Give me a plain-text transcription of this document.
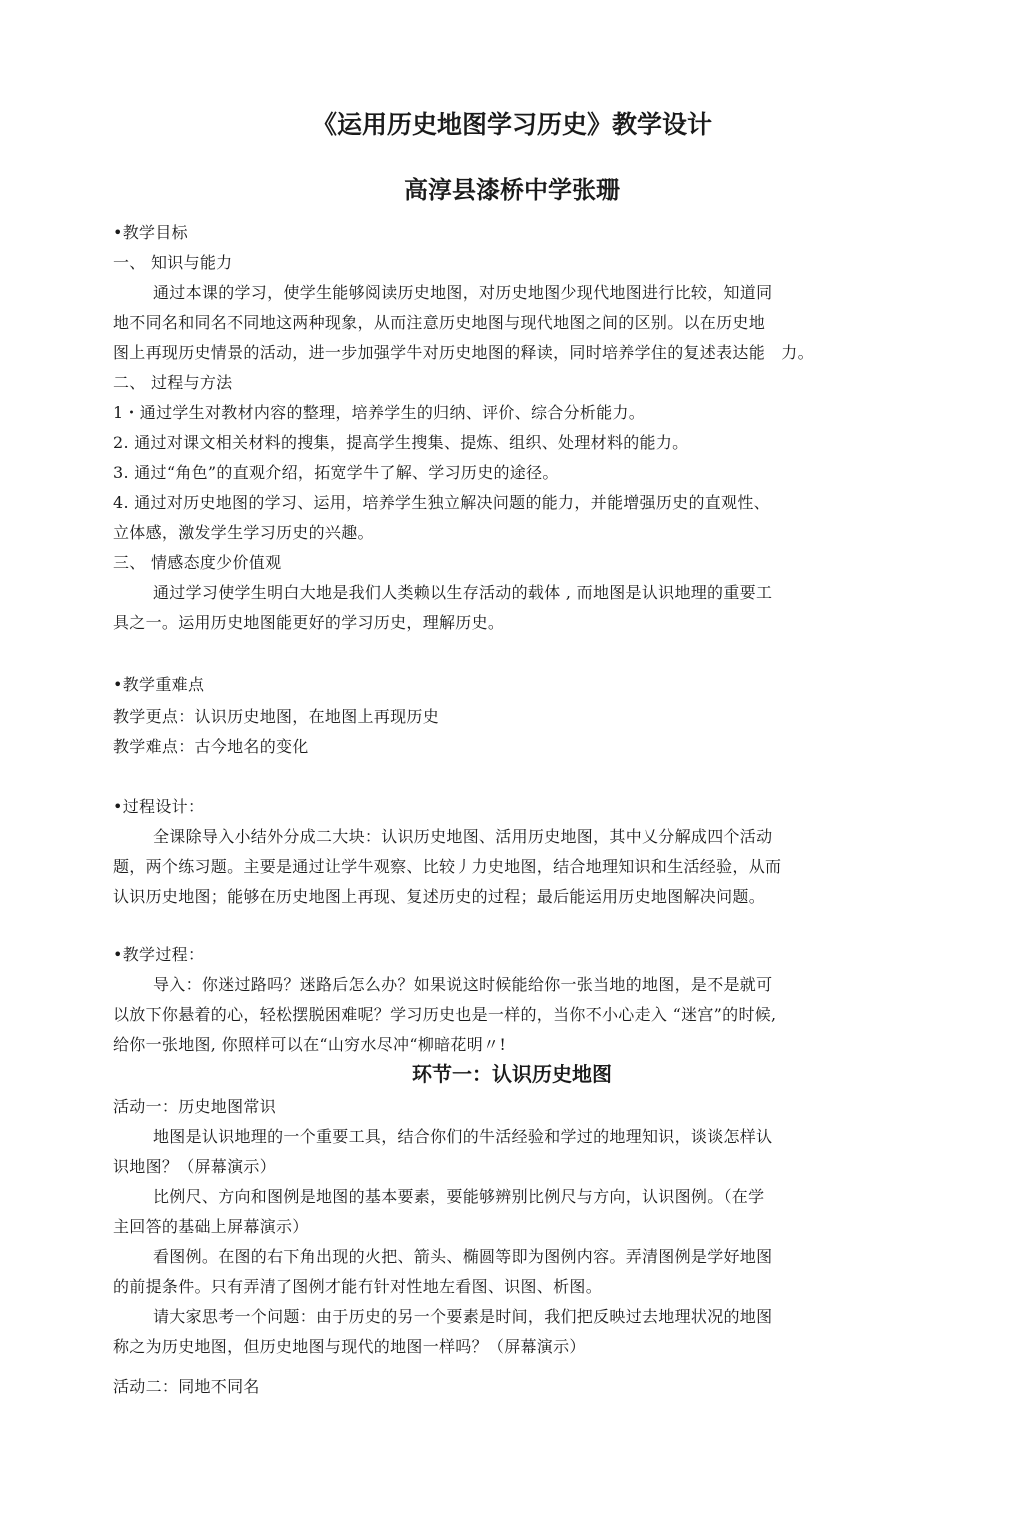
《运用历史地图学习历史》教学设计
高淳县漆桥中学张珊
•教学目标
一、 知识与能力
通过本课的学习，使学生能够阅读历史地图，对历史地图少现代地图进行比较，知道同
地不同名和同名不同地这两种现象，从而注意历史地图与现代地图之间的区别。以在历史地
图上再现历史情景的活动，进一步加强学牛对历史地图的释读，同时培养学住的复述表达能　力。
二、 过程与方法
1・通过学生对教材内容的整理，培养学生的归纳、评价、综合分析能力。
2. 通过对课文相关材料的搜集，提高学生搜集、提炼、组织、处理材料的能力。
3. 通过“角色”的直观介绍，拓宽学牛了解、学习历史的途径。
4. 通过对历史地图的学习、运用，培养学生独立解决问题的能力，并能增强历史的直观性、
立体感，激发学生学习历史的兴趣。
三、 情感态度少价值观
通过学习使学生明白大地是我们人类赖以生存活动的载体 , 而地图是认识地理的重要工
具之一。运用历史地图能更好的学习历史，理解历史。
•教学重难点
教学更点：认识历史地图，在地图上再现历史
教学难点：古今地名的变化
•过程设计：
全课除导入小结外分成二大块：认识历史地图、活用历史地图，其中乂分解成四个活动
题，两个练习题。主要是通过让学牛观察、比较丿力史地图，结合地理知识和生活经验，从而
认识历史地图；能够在历史地图上再现、复述历史的过程；最后能运用历史地图解决问题。
•教学过程：
导入：你迷过路吗？迷路后怎么办？如果说这时候能给你一张当地的地图，是不是就可
以放下你悬着的心，轻松摆脱困难呢？学习历史也是一样的，当你不小心走入 “迷宫”的时候,
给你一张地图, 你照样可以在“山穷水尽冲“柳暗花明〃!
环节一：认识历史地图
活动一：历史地图常识
地图是认识地理的一个重要工具，结合你们的牛活经验和学过的地理知识，谈谈怎样认
识地图？（屏幕演示）
比例尺、方向和图例是地图的基本要素，要能够辨别比例尺与方向，认识图例。（在学
主回答的基础上屏幕演示）
看图例。在图的右下角出现的火把、箭头、椭圆等即为图例内容。弄清图例是学好地图
的前提条件。只有弄清了图例才能冇针对性地左看图、识图、析图。
请大家思考一个问题：由于历史的另一个要素是时间，我们把反映过去地理状况的地图
称之为历史地图，但历史地图与现代的地图一样吗？（屏幕演示）
活动二：同地不同名
